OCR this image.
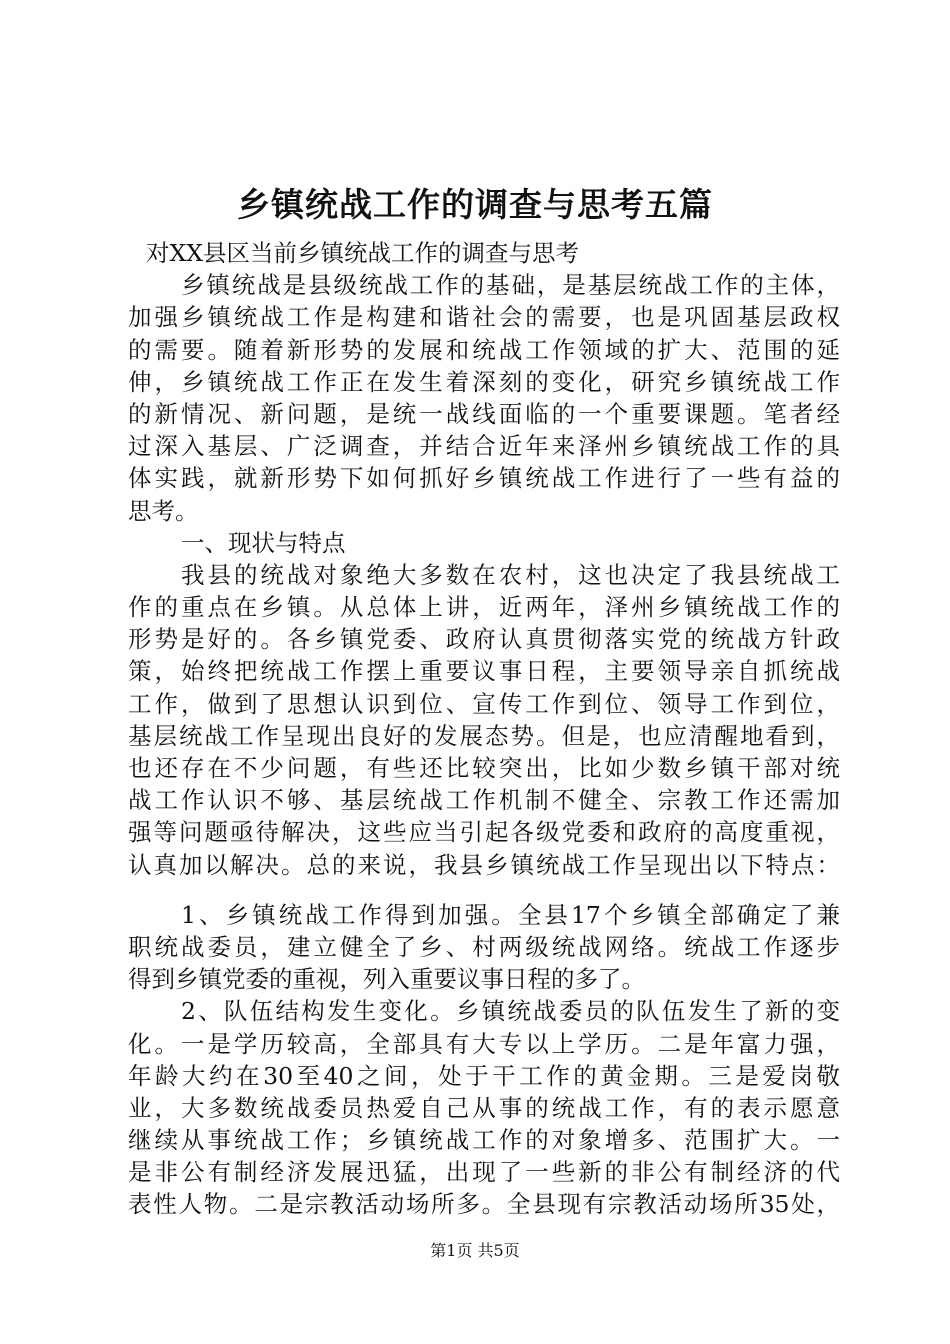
乡镇统战工作的调查与思考五篇
对XX县区当前乡镇统战工作的调查与思考
乡镇统战是县级统战工作的基础，是基层统战工作的主体，
加强乡镇统战工作是构建和谐社会的需要，也是巩固基层政权
的需要。随着新形势的发展和统战工作领域的扩大、范围的延
伸，乡镇统战工作正在发生着深刻的变化，研究乡镇统战工作
的新情况、新问题，是统一战线面临的一个重要课题。笔者经
过深入基层、广泛调查，并结合近年来泽州乡镇统战工作的具
体实践，就新形势下如何抓好乡镇统战工作进行了一些有益的
思考。
一、现状与特点
我县的统战对象绝大多数在农村，这也决定了我县统战工
作的重点在乡镇。从总体上讲，近两年，泽州乡镇统战工作的
形势是好的。各乡镇党委、政府认真贯彻落实党的统战方针政
策，始终把统战工作摆上重要议事日程，主要领导亲自抓统战
工作，做到了思想认识到位、宣传工作到位、领导工作到位，
基层统战工作呈现出良好的发展态势。但是，也应清醒地看到，
也还存在不少问题，有些还比较突出，比如少数乡镇干部对统
战工作认识不够、基层统战工作机制不健全、宗教工作还需加
强等问题亟待解决，这些应当引起各级党委和政府的高度重视，
认真加以解决。总的来说，我县乡镇统战工作呈现出以下特点：
1、乡镇统战工作得到加强。全县17个乡镇全部确定了兼
职统战委员，建立健全了乡、村两级统战网络。统战工作逐步
得到乡镇党委的重视，列入重要议事日程的多了。
2、队伍结构发生变化。乡镇统战委员的队伍发生了新的变
化。一是学历较高，全部具有大专以上学历。二是年富力强，
年龄大约在30至40之间，处于干工作的黄金期。三是爱岗敬
业，大多数统战委员热爱自己从事的统战工作，有的表示愿意
继续从事统战工作；乡镇统战工作的对象增多、范围扩大。一
是非公有制经济发展迅猛，出现了一些新的非公有制经济的代
表性人物。二是宗教活动场所多。全县现有宗教活动场所35处，
第1页 共5页
